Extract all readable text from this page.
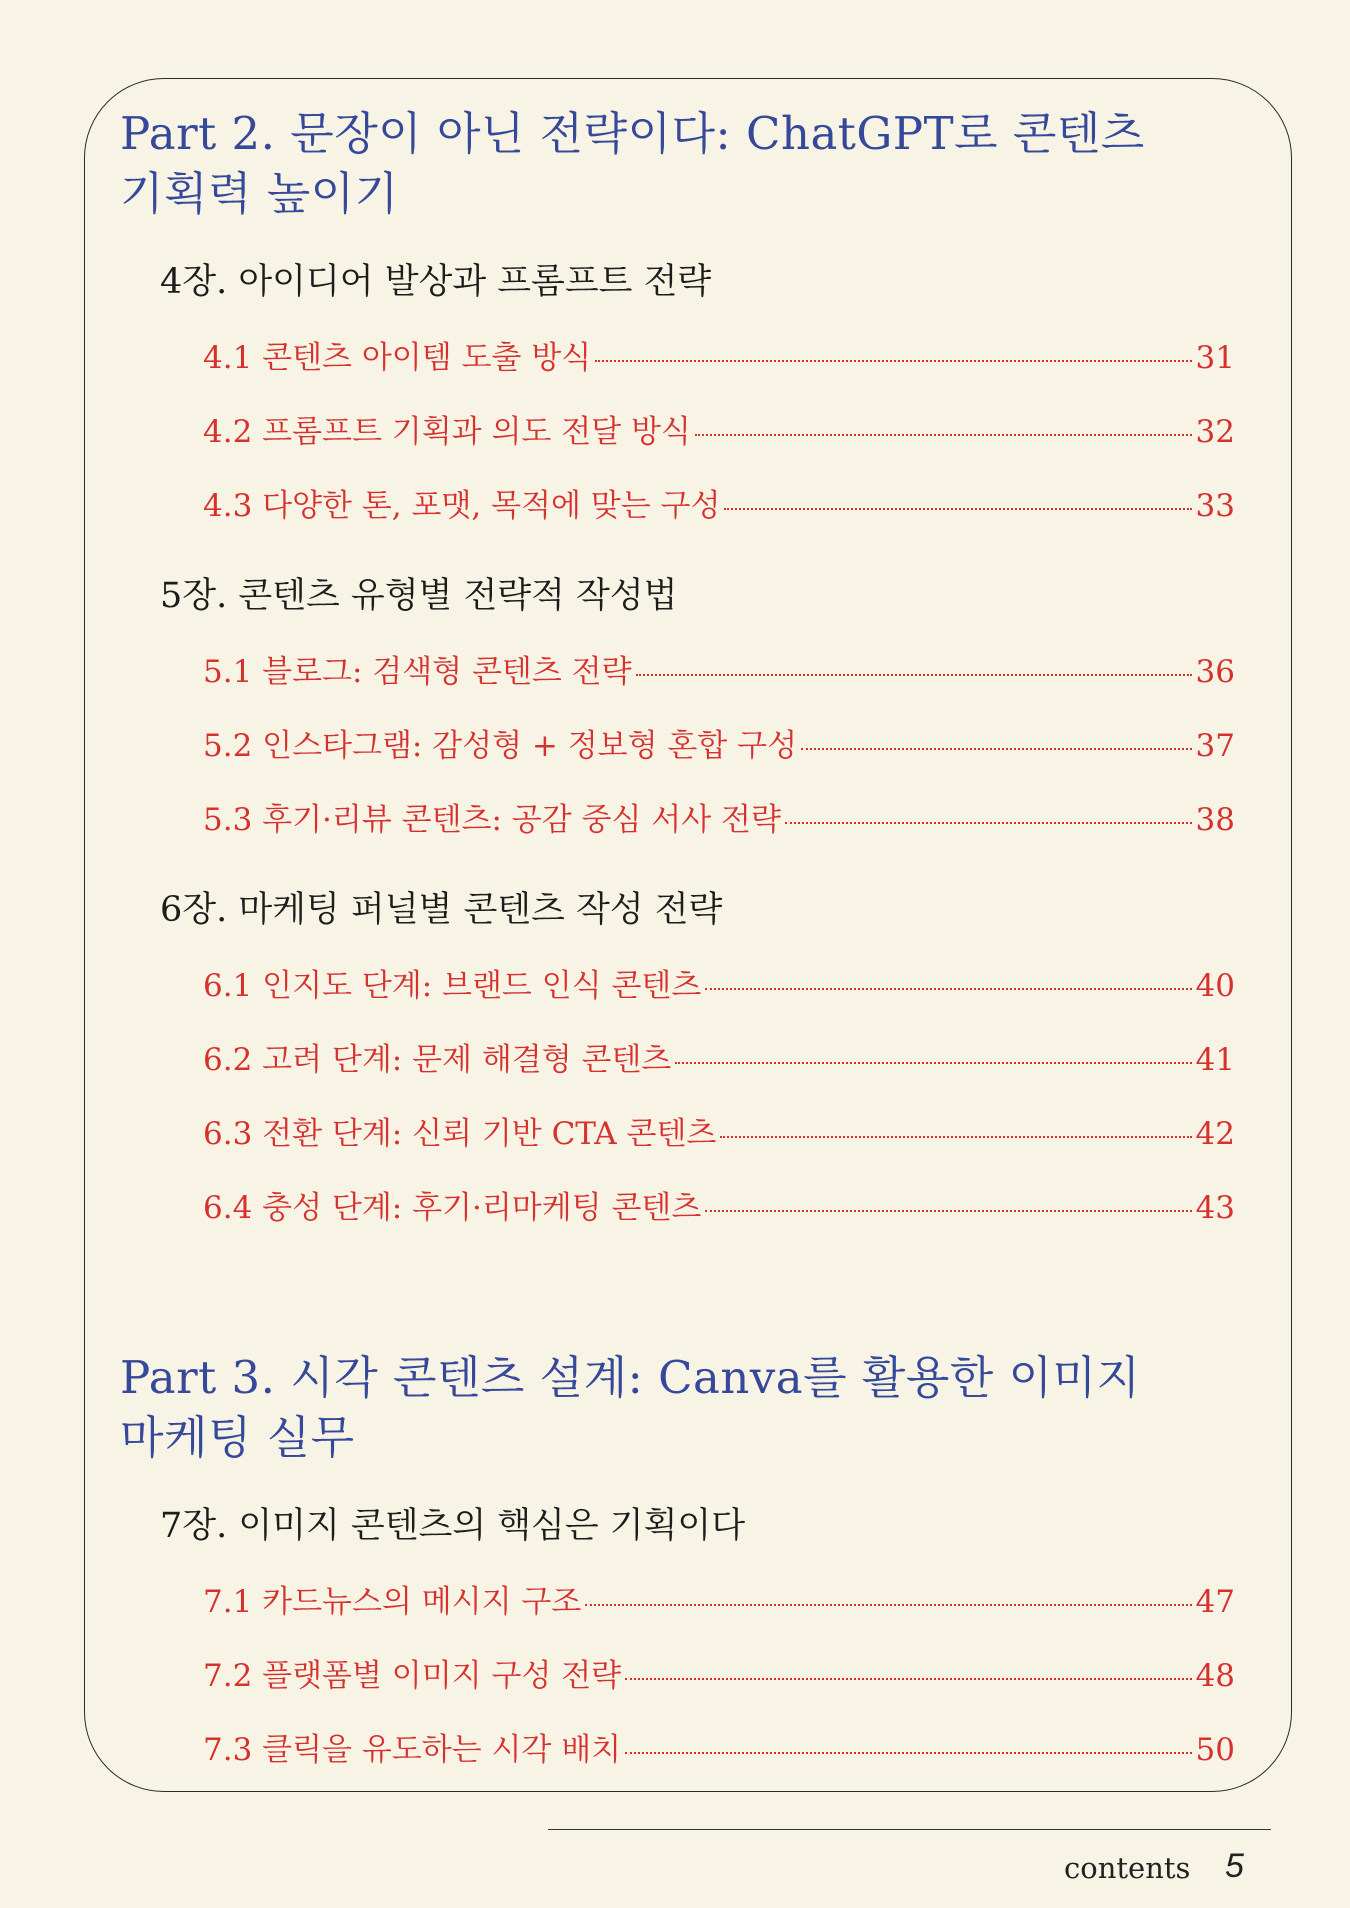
Part 2. 문장이 아닌 전략이다: ChatGPT로 콘텐츠
기획력 높이기
4장. 아이디어 발상과 프롬프트 전략
4.1 콘텐츠 아이템 도출 방식	31
4.2 프롬프트 기획과 의도 전달 방식	32
4.3 다양한 톤, 포맷, 목적에 맞는 구성	33
5장. 콘텐츠 유형별 전략적 작성법
5.1 블로그: 검색형 콘텐츠 전략	36
5.2 인스타그램: 감성형 + 정보형 혼합 구성	37
5.3 후기·리뷰 콘텐츠: 공감 중심 서사 전략	38
6장. 마케팅 퍼널별 콘텐츠 작성 전략
6.1 인지도 단계: 브랜드 인식 콘텐츠	40
6.2 고려 단계: 문제 해결형 콘텐츠	41
6.3 전환 단계: 신뢰 기반 CTA 콘텐츠	42
6.4 충성 단계: 후기·리마케팅 콘텐츠	43
Part 3. 시각 콘텐츠 설계: Canva를 활용한 이미지
마케팅 실무
7장. 이미지 콘텐츠의 핵심은 기획이다
7.1 카드뉴스의 메시지 구조	47
7.2 플랫폼별 이미지 구성 전략	48
7.3 클릭을 유도하는 시각 배치	50
contents 5
